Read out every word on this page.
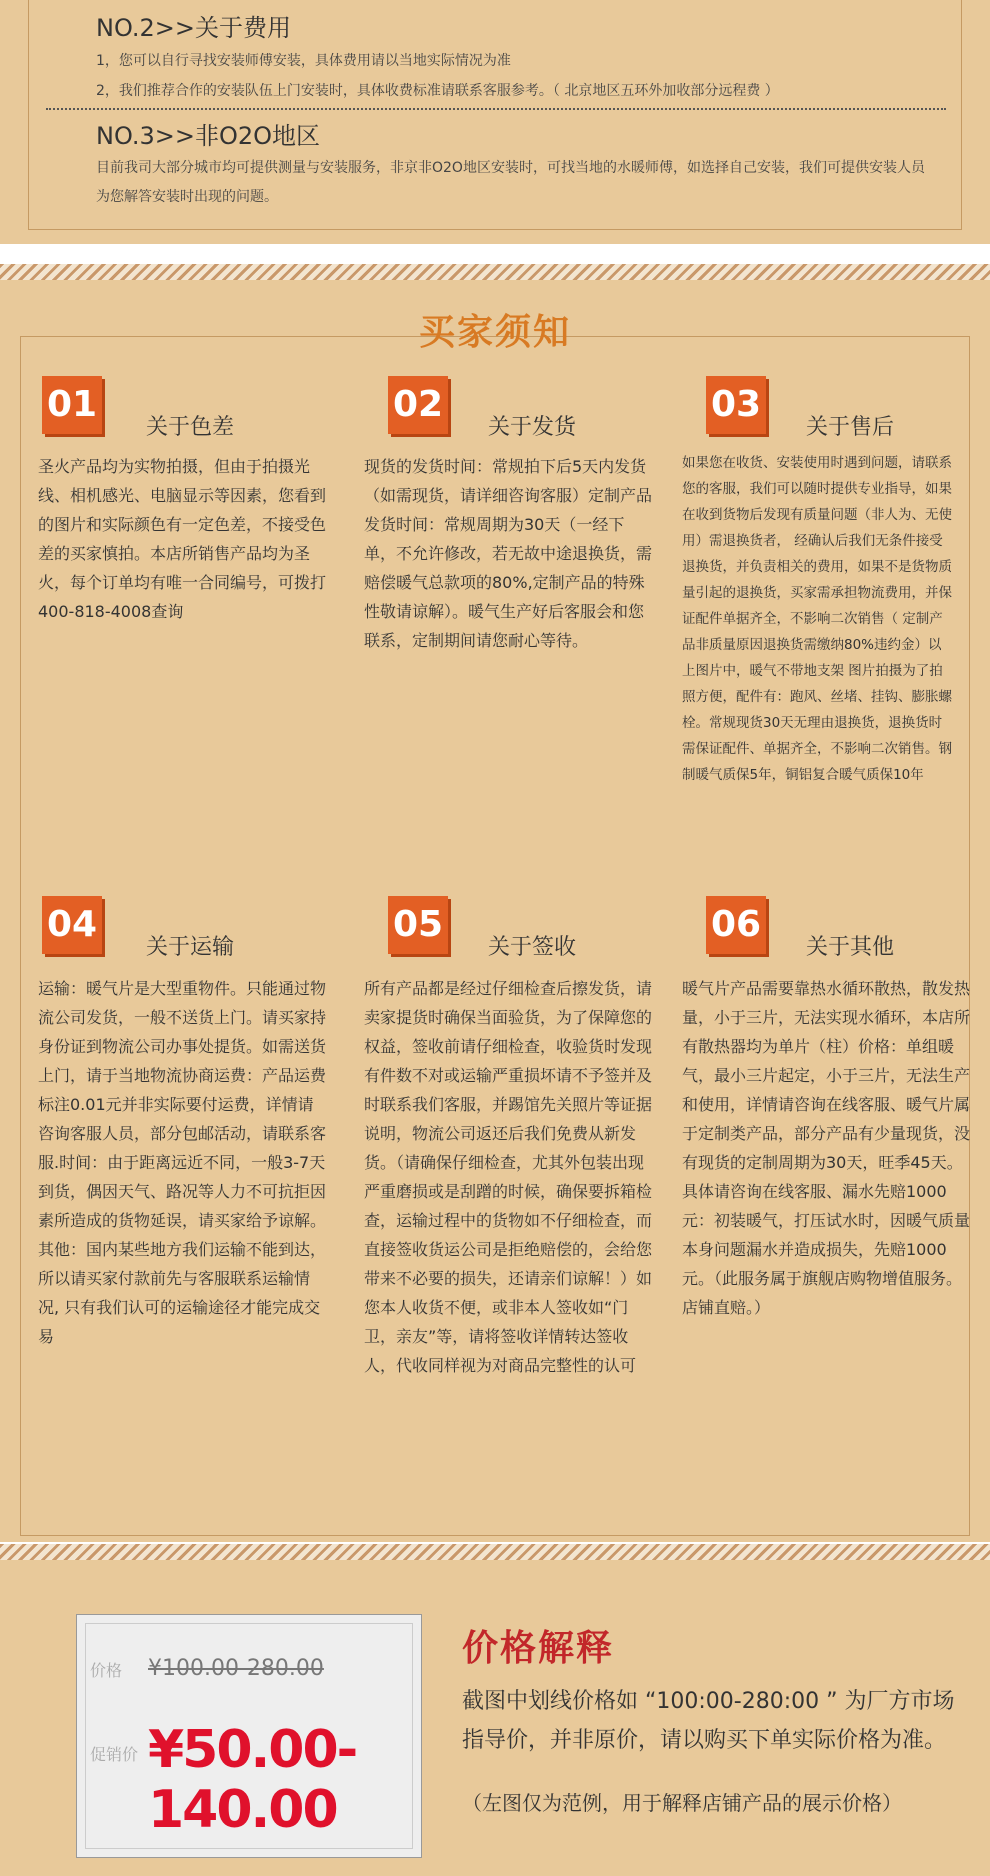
NO.2>>关于费用
1，您可以自行寻找安装师傅安装，具体费用请以当地实际情况为准
2，我们推荐合作的安装队伍上门安装时，具体收费标准请联系客服参考。（ 北京地区五环外加收部分远程费 ）
NO.3>>非O2O地区
目前我司大部分城市均可提供测量与安装服务，非京非O2O地区安装时，可找当地的水暖师傅，如选择自己安装，我们可提供安装人员为您解答安装时出现的问题。
买家须知
01
关于色差
圣火产品均为实物拍摄，但由于拍摄光线、相机感光、电脑显示等因素，您看到的图片和实际颜色有一定色差，不接受色差的买家慎拍。本店所销售产品均为圣火，每个订单均有唯一合同编号，可拨打400-818-4008查询
02
关于发货
现货的发货时间：常规拍下后5天内发货（如需现货，请详细咨询客服）定制产品发货时间：常规周期为30天（一经下单，不允许修改，若无故中途退换货，需赔偿暖气总款项的80%,定制产品的特殊性敬请谅解）。暖气生产好后客服会和您联系，定制期间请您耐心等待。
03
关于售后
如果您在收货、安装使用时遇到问题，请联系您的客服，我们可以随时提供专业指导，如果在收到货物后发现有质量问题（非人为、无使用）需退换货者， 经确认后我们无条件接受退换货，并负责相关的费用，如果不是货物质量引起的退换货，买家需承担物流费用，并保证配件单据齐全，不影响二次销售（ 定制产品非质量原因退换货需缴纳80%违约金）以上图片中，暖气不带地支架 图片拍摄为了拍照方便，配件有：跑风、丝堵、挂钩、膨胀螺栓。常规现货30天无理由退换货，退换货时需保证配件、单据齐全，不影响二次销售。钢制暖气质保5年，铜铝复合暖气质保10年
04
关于运输
运输：暖气片是大型重物件。只能通过物流公司发货，一般不送货上门。请买家持身份证到物流公司办事处提货。如需送货上门，请于当地物流协商运费：产品运费标注0.01元并非实际要付运费，详情请咨询客服人员，部分包邮活动，请联系客服.时间：由于距离远近不同，一般3-7天到货，偶因天气、路况等人力不可抗拒因素所造成的货物延误，请买家给予谅解。其他：国内某些地方我们运输不能到达，所以请买家付款前先与客服联系运输情况, 只有我们认可的运输途径才能完成交易
05
关于签收
所有产品都是经过仔细检查后擦发货，请卖家提货时确保当面验货，为了保障您的权益，签收前请仔细检查，收验货时发现有件数不对或运输严重损坏请不予签并及时联系我们客服，并踢馆先关照片等证据说明，物流公司返还后我们免费从新发货。（请确保仔细检查，尤其外包装出现严重磨损或是刮蹭的时候，确保要拆箱检查，运输过程中的货物如不仔细检查，而直接签收货运公司是拒绝赔偿的，会给您带来不必要的损失，还请亲们谅解！）如您本人收货不便，或非本人签收如“门卫，亲友”等，请将签收详情转达签收人，代收同样视为对商品完整性的认可
06
关于其他
暖气片产品需要靠热水循环散热，散发热量，小于三片，无法实现水循环，本店所有散热器均为单片（柱）价格：单组暖气，最小三片起定，小于三片，无法生产和使用，详情请咨询在线客服、暖气片属于定制类产品，部分产品有少量现货，没有现货的定制周期为30天，旺季45天。具体请咨询在线客服、漏水先赔1000元：初装暖气，打压试水时，因暖气质量本身问题漏水并造成损失，先赔1000元。（此服务属于旗舰店购物增值服务。店铺直赔。）
价格 ¥100.00-280.00
促销价 ¥50.00-140.00
价格解释
截图中划线价格如 “100:00-280:00 ” 为厂方市场指导价，并非原价，请以购买下单实际价格为准。
（左图仅为范例，用于解释店铺产品的展示价格）
